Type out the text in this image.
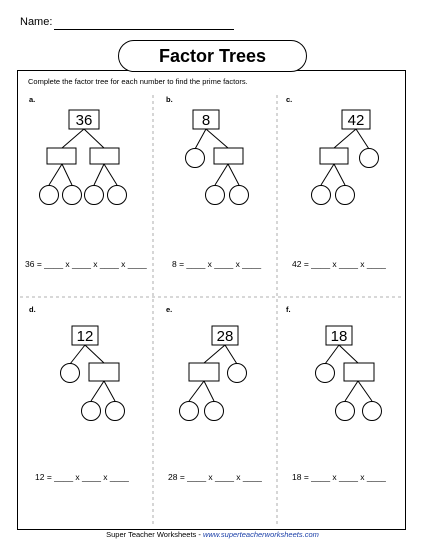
Name:
Factor Trees
Complete the factor tree for each number to find the prime factors.
36	8	42
12	28	18
a.	b.	c.
d.	e.	f.
36 = ____ x ____ x ____ x ____	8 = ____ x ____ x ____	42 = ____ x ____ x ____
12 = ____ x ____ x ____	28 = ____ x ____ x ____	18 = ____ x ____ x ____
Super Teacher Worksheets - www.superteacherworksheets.com
